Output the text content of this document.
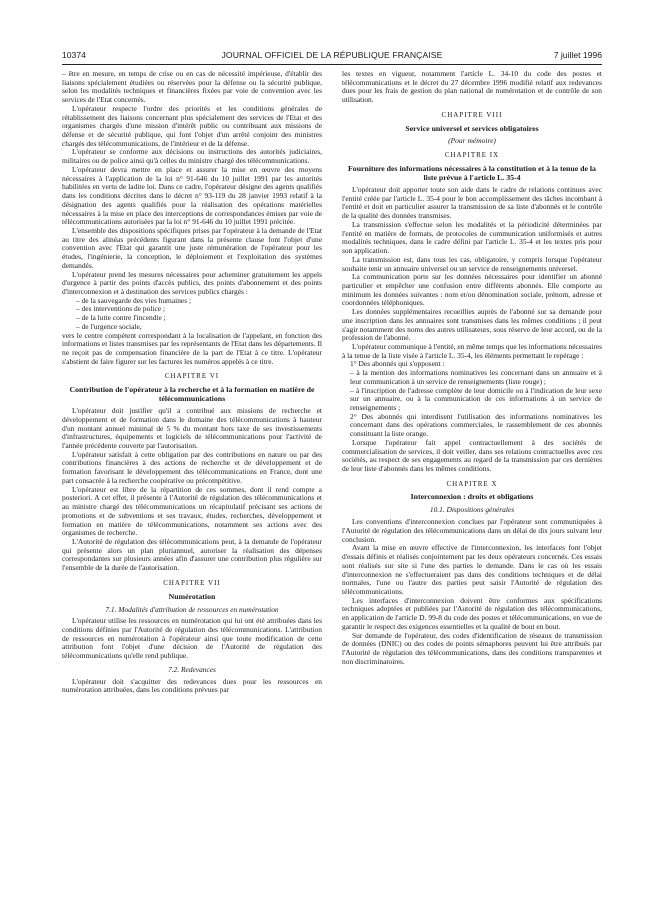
10374	JOURNAL OFFICIEL DE LA RÉPUBLIQUE FRANÇAISE	7 juillet 1996

– être en mesure, en temps de crise ou en cas de nécessité impérieuse, d'établir des liaisons spécialement étudiées ou réservées pour la défense ou la sécurité publique, selon les modalités techniques et financières fixées par voie de convention avec les services de l'Etat concernés.

L'opérateur respecte l'ordre des priorités et les conditions générales de rétablissement des liaisons concernant plus spécialement des services de l'Etat et des organismes chargés d'une mission d'intérêt public ou contribuant aux missions de défense et de sécurité publique, qui font l'objet d'un arrêté conjoint des ministres chargés des télécommunications, de l'intérieur et de la défense.

L'opérateur se conforme aux décisions ou instructions des autorités judiciaires, militaires ou de police ainsi qu'à celles du ministre chargé des télécommunications.

L'opérateur devra mettre en place et assurer la mise en œuvre des moyens nécessaires à l'application de la loi n° 91-646 du 10 juillet 1991 par les autorités habilitées en vertu de ladite loi. Dans ce cadre, l'opérateur désigne des agents qualifiés dans les conditions décrites dans le décret n° 93-119 du 28 janvier 1993 relatif à la désignation des agents qualifiés pour la réalisation des opérations matérielles nécessaires à la mise en place des interceptions de correspondances émises par voie de télécommunications autorisées par la loi n° 91-646 du 10 juillet 1991 précitée.

L'ensemble des dispositions spécifiques prises par l'opérateur à la demande de l'Etat au titre des alinéas précédents figurant dans la présente clause font l'objet d'une convention avec l'Etat qui garantit une juste rémunération de l'opérateur pour les études, l'ingénierie, la conception, le déploiement et l'exploitation des systèmes demandés.

L'opérateur prend les mesures nécessaires pour acheminer gratuitement les appels d'urgence à partir des points d'accès publics, des points d'abonnement et des points d'interconnexion et à destination des services publics chargés :

– de la sauvegarde des vies humaines ;

– des interventions de police ;

– de la lutte contre l'incendie ;

– de l'urgence sociale,

vers le centre compétent correspondant à la localisation de l'appelant, en fonction des informations et listes transmises par les représentants de l'Etat dans les départements. Il ne reçoit pas de compensation financière de la part de l'Etat à ce titre. L'opérateur s'abstient de faire figurer sur les factures les numéros appelés à ce titre.

CHAPITRE VI
Contribution de l'opérateur à la recherche et à la formation en matière de télécommunications

L'opérateur doit justifier qu'il a contribué aux missions de recherche et développement et de formation dans le domaine des télécommunications à hauteur d'un montant annuel minimal de 5 % du montant hors taxe de ses investissements d'infrastructures, équipements et logiciels de télécommunications pour l'activité de l'année précédente couverte par l'autorisation.

L'opérateur satisfait à cette obligation par des contributions en nature ou par des contributions financières à des actions de recherche et de développement et de formation favorisant le développement des télécommunications en France, dont une part consacrée à la recherche coopérative ou précompétitive.

L'opérateur est libre de la répartition de ces sommes, dont il rend compte a posteriori. A cet effet, il présente à l'Autorité de régulation des télécommunications et au ministre chargé des télécommunications un récapitulatif précisant ses actions de promotions et de subventions et ses travaux, études, recherches, développement et formation en matière de télécommunications, notamment ses actions avec des organismes de recherche.

L'Autorité de régulation des télécommunications peut, à la demande de l'opérateur qui présente alors un plan pluriannuel, autoriser la réalisation des dépenses correspondantes sur plusieurs années afin d'assurer une contribution plus régulière sur l'ensemble de la durée de l'autorisation.

CHAPITRE VII
Numérotation
7.1. Modalités d'attribution de ressources en numérotation

L'opérateur utilise les ressources en numérotation qui lui ont été attribuées dans les conditions définies par l'Autorité de régulation des télécommunications. L'attribution de ressources en numérotation à l'opérateur ainsi que toute modification de cette attribution font l'objet d'une décision de l'Autorité de régulation des télécommunications qu'elle rend publique.

7.2. Redevances

L'opérateur doit s'acquitter des redevances dues pour les ressources en numérotation attribuées, dans les conditions prévues par

les textes en vigueur, notamment l'article L. 34-10 du code des postes et télécommunications et le décret du 27 décembre 1996 modifié relatif aux redevances dues pour les frais de gestion du plan national de numérotation et de contrôle de son utilisation.

CHAPITRE VIII
Service universel et services obligatoires
(Pour mémoire)
CHAPITRE IX
Fourniture des informations nécessaires à la constitution et à la tenue de la liste prévue à l'article L. 35-4

L'opérateur doit apporter toute son aide dans le cadre de relations continues avec l'entité créée par l'article L. 35-4 pour le bon accomplissement des tâches incombant à l'entité et doit en particulier assurer la transmission de sa liste d'abonnés et le contrôle de la qualité des données transmises.

La transmission s'effectue selon les modalités et la périodicité déterminées par l'entité en matière de formats, de protocoles de communication uniformisés et autres modalités techniques, dans le cadre défini par l'article L. 35-4 et les textes pris pour son application.

La transmission est, dans tous les cas, obligatoire, y compris lorsque l'opérateur souhaite tenir un annuaire universel ou un service de renseignements universel.

La communication porte sur les données nécessaires pour identifier un abonné particulier et empêcher une confusion entre différents abonnés. Elle comporte au minimum les données suivantes : nom et/ou dénomination sociale, prénom, adresse et coordonnées téléphoniques.

Les données supplémentaires recueillies auprès de l'abonné sur sa demande pour une inscription dans les annuaires sont transmises dans les mêmes conditions ; il peut s'agir notamment des noms des autres utilisateurs, sous réserve de leur accord, ou de la profession de l'abonné.

L'opérateur communique à l'entité, en même temps que les informations nécessaires à la tenue de la liste visée à l'article L. 35-4, les éléments permettant le repérage :

1° Des abonnés qui s'opposent :

– à la mention des informations nominatives les concernant dans un annuaire et à leur communication à un service de renseignements (liste rouge) ;

– à l'inscription de l'adresse complète de leur domicile ou à l'indication de leur sexe sur un annuaire, ou à la communication de ces informations à un service de renseignements ;

2° Des abonnés qui interdisent l'utilisation des informations nominatives les concernant dans des opérations commerciales, le rassemblement de ces abonnés constituant la liste orange.

Lorsque l'opérateur fait appel contractuellement à des sociétés de commercialisation de services, il doit veiller, dans ses relations contractuelles avec ces sociétés, au respect de ses engagements au regard de la transmission par ces dernières de leur liste d'abonnés dans les mêmes conditions.

CHAPITRE X
Interconnexion : droits et obligations
10.1. Dispositions générales

Les conventions d'interconnexion conclues par l'opérateur sont communiquées à l'Autorité de régulation des télécommunications dans un délai de dix jours suivant leur conclusion.

Avant la mise en œuvre effective de l'interconnexion, les interfaces font l'objet d'essais définis et réalisés conjointement par les deux opérateurs concernés. Ces essais sont réalisés sur site si l'une des parties le demande. Dans le cas où les essais d'interconnexion ne s'effectueraient pas dans des conditions techniques et de délai normales, l'une ou l'autre des parties peut saisir l'Autorité de régulation des télécommunications.

Les interfaces d'interconnexion doivent être conformes aux spécifications techniques adoptées et publiées par l'Autorité de régulation des télécommunications, en application de l'article D. 99-8 du code des postes et télécommunications, en vue de garantir le respect des exigences essentielles et la qualité de bout en bout.

Sur demande de l'opérateur, des codes d'identification de réseaux de transmission de données (DNIC) ou des codes de points sémaphores peuvent lui être attribués par l'Autorité de régulation des télécommunications, dans des conditions transparentes et non discriminatoires.
